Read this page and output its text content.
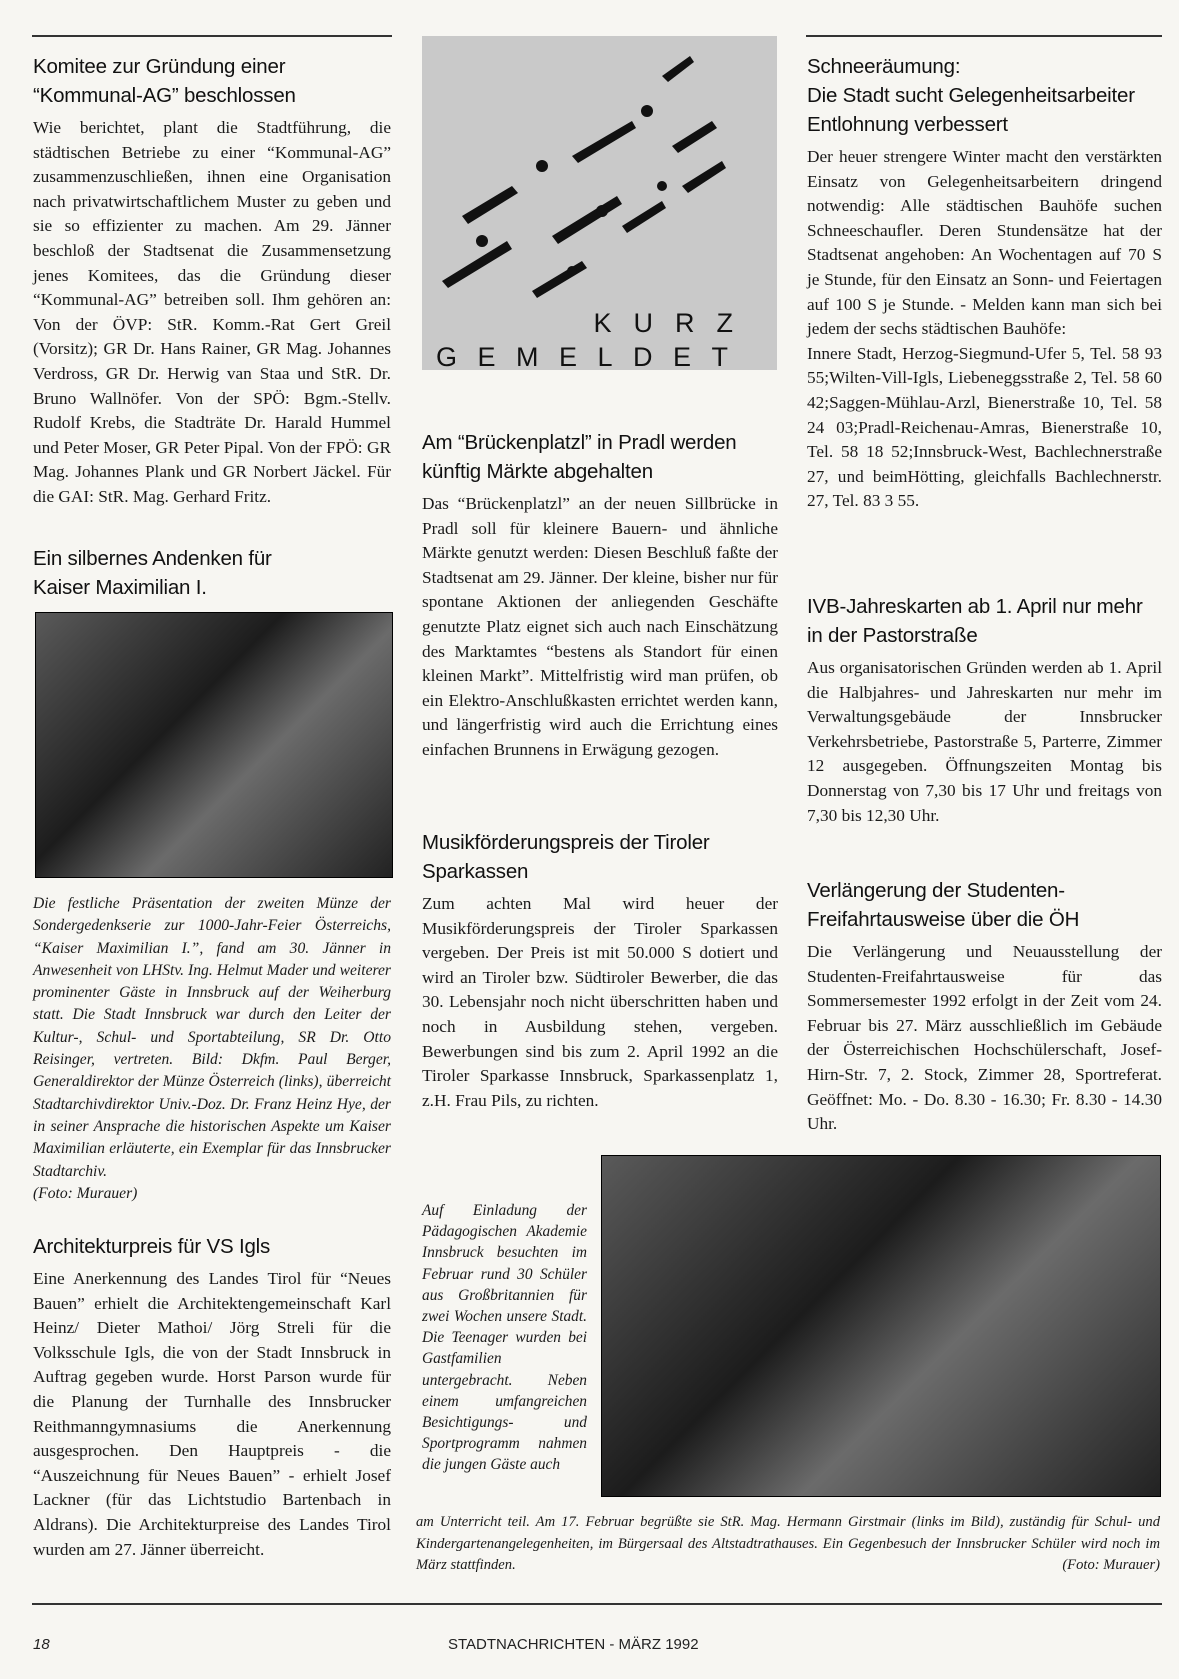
Komitee zur Gründung einer “Kommunal-AG” beschlossen

Wie berichtet, plant die Stadtführung, die städtischen Betriebe zu einer “Kommunal-AG” zusammenzuschließen, ihnen eine Organisation nach privatwirtschaftlichem Muster zu geben und sie so effizienter zu machen. Am 29. Jänner beschloß der Stadtsenat die Zusammensetzung jenes Komitees, das die Gründung dieser “Kommunal-AG” betreiben soll. Ihm gehören an: Von der ÖVP: StR. Komm.-Rat Gert Greil (Vorsitz); GR Dr. Hans Rainer, GR Mag. Johannes Verdross, GR Dr. Herwig van Staa und StR. Dr. Bruno Wallnöfer. Von der SPÖ: Bgm.-Stellv. Rudolf Krebs, die Stadträte Dr. Harald Hummel und Peter Moser, GR Peter Pipal. Von der FPÖ: GR Mag. Johannes Plank und GR Norbert Jäckel. Für die GAI: StR. Mag. Gerhard Fritz.

Ein silbernes Andenken für Kaiser Maximilian I.

Die festliche Präsentation der zweiten Münze der Sondergedenkserie zur 1000-Jahr-Feier Österreichs, “Kaiser Maximilian I.”, fand am 30. Jänner in Anwesenheit von LHStv. Ing. Helmut Mader und weiterer prominenter Gäste in Innsbruck auf der Weiherburg statt. Die Stadt Innsbruck war durch den Leiter der Kultur-, Schul- und Sportabteilung, SR Dr. Otto Reisinger, vertreten. Bild: Dkfm. Paul Berger, Generaldirektor der Münze Österreich (links), überreicht Stadtarchivdirektor Univ.-Doz. Dr. Franz Heinz Hye, der in seiner Ansprache die historischen Aspekte um Kaiser Maximilian erläuterte, ein Exemplar für das Innsbrucker Stadtarchiv.

(Foto: Murauer)

Architekturpreis für VS Igls

Eine Anerkennung des Landes Tirol für “Neues Bauen” erhielt die Architektengemeinschaft Karl Heinz/ Dieter Mathoi/ Jörg Streli für die Volksschule Igls, die von der Stadt Innsbruck in Auftrag gegeben wurde. Horst Parson wurde für die Planung der Turnhalle des Innsbrucker Reithmanngymnasiums die Anerkennung ausgesprochen. Den Hauptpreis - die “Auszeichnung für Neues Bauen” - erhielt Josef Lackner (für das Lichtstudio Bartenbach in Aldrans). Die Architekturpreise des Landes Tirol wurden am 27. Jänner überreicht.

KURZ
GEMELDET
Am “Brückenplatzl” in Pradl werden künftig Märkte abgehalten

Das “Brückenplatzl” an der neuen Sillbrücke in Pradl soll für kleinere Bauern- und ähnliche Märkte genutzt werden: Diesen Beschluß faßte der Stadtsenat am 29. Jänner. Der kleine, bisher nur für spontane Aktionen der anliegenden Geschäfte genutzte Platz eignet sich auch nach Einschätzung des Marktamtes “bestens als Standort für einen kleinen Markt”. Mittelfristig wird man prüfen, ob ein Elektro-Anschlußkasten errichtet werden kann, und längerfristig wird auch die Errichtung eines einfachen Brunnens in Erwägung gezogen.

Musikförderungspreis der Tiroler Sparkassen

Zum achten Mal wird heuer der Musikförderungspreis der Tiroler Sparkassen vergeben. Der Preis ist mit 50.000 S dotiert und wird an Tiroler bzw. Südtiroler Bewerber, die das 30. Lebensjahr noch nicht überschritten haben und noch in Ausbildung stehen, vergeben. Bewerbungen sind bis zum 2. April 1992 an die Tiroler Sparkasse Innsbruck, Sparkassenplatz 1, z.H. Frau Pils, zu richten.

Auf Einladung der Pädagogischen Akademie Innsbruck besuchten im Februar rund 30 Schüler aus Großbritannien für zwei Wochen unsere Stadt. Die Teenager wurden bei Gastfamilien untergebracht. Neben einem umfangreichen Besichtigungs- und Sportprogramm nahmen die jungen Gäste auch

am Unterricht teil. Am 17. Februar begrüßte sie StR. Mag. Hermann Girstmair (links im Bild), zuständig für Schul- und Kindergartenangelegenheiten, im Bürgersaal des Altstadtrathauses. Ein Gegenbesuch der Innsbrucker Schüler wird noch im März stattfinden.	(Foto: Murauer)
Schneeräumung:
Die Stadt sucht Gelegenheitsarbeiter
Entlohnung verbessert

Der heuer strengere Winter macht den verstärkten Einsatz von Gelegenheitsarbeitern dringend notwendig: Alle städtischen Bauhöfe suchen Schneeschaufler. Deren Stundensätze hat der Stadtsenat angehoben: An Wochentagen auf 70 S je Stunde, für den Einsatz an Sonn- und Feiertagen auf 100 S je Stunde. - Melden kann man sich bei jedem der sechs städtischen Bauhöfe:

Innere Stadt, Herzog-Siegmund-Ufer 5, Tel. 58 93 55;Wilten-Vill-Igls, Liebeneggsstraße 2, Tel. 58 60 42;Saggen-Mühlau-Arzl, Bienerstraße 10, Tel. 58 24 03;Pradl-Reichenau-Amras, Bienerstraße 10, Tel. 58 18 52;Innsbruck-West, Bachlechnerstraße 27, und beimHötting, gleichfalls Bachlechnerstr. 27, Tel. 83 3 55.

IVB-Jahreskarten ab 1. April nur mehr in der Pastorstraße

Aus organisatorischen Gründen werden ab 1. April die Halbjahres- und Jahreskarten nur mehr im Verwaltungsgebäude der Innsbrucker Verkehrsbetriebe, Pastorstraße 5, Parterre, Zimmer 12 ausgegeben. Öffnungszeiten Montag bis Donnerstag von 7,30 bis 17 Uhr und freitags von 7,30 bis 12,30 Uhr.

Verlängerung der Studenten-Freifahrtausweise über die ÖH

Die Verlängerung und Neuausstellung der Studenten-Freifahrtausweise für das Sommersemester 1992 erfolgt in der Zeit vom 24. Februar bis 27. März ausschließlich im Gebäude der Österreichischen Hochschülerschaft, Josef-Hirn-Str. 7, 2. Stock, Zimmer 28, Sportreferat. Geöffnet: Mo. - Do. 8.30 - 16.30; Fr. 8.30 - 14.30 Uhr.

18	STADTNACHRICHTEN - MÄRZ 1992
